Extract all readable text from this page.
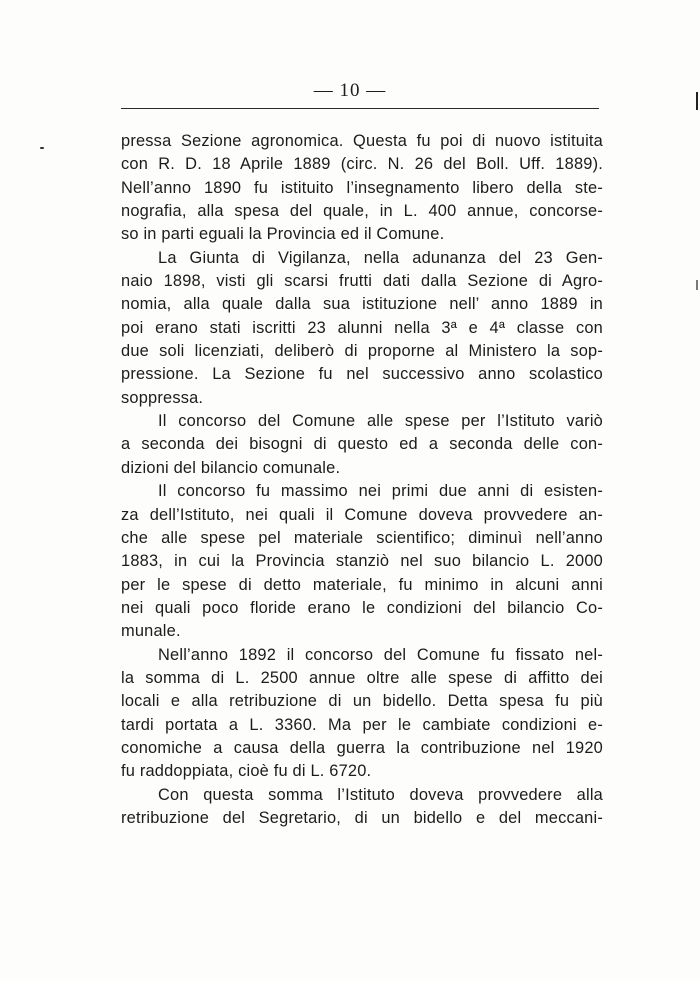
— 10 —
pressa Sezione agronomica. Questa fu poi di nuovo istituita
con R. D. 18 Aprile 1889 (circ. N. 26 del Boll. Uff. 1889).
Nell’anno 1890 fu istituito l’insegnamento libero della ste-
nografia, alla spesa del quale, in L. 400 annue, concorse-
so in parti eguali la Provincia ed il Comune.
La Giunta di Vigilanza, nella adunanza del 23 Gen-
naio 1898, visti gli scarsi frutti dati dalla Sezione di Agro-
nomia, alla quale dalla sua istituzione nell’ anno 1889 in
poi erano stati iscritti 23 alunni nella 3ª e 4ª classe con
due soli licenziati, deliberò di proporne al Ministero la sop-
pressione. La Sezione fu nel successivo anno scolastico
soppressa.
Il concorso del Comune alle spese per l’Istituto variò
a seconda dei bisogni di questo ed a seconda delle con-
dizioni del bilancio comunale.
Il concorso fu massimo nei primi due anni di esisten-
za dell’Istituto, nei quali il Comune doveva provvedere an-
che alle spese pel materiale scientifico; diminuì nell’anno
1883, in cui la Provincia stanziò nel suo bilancio L. 2000
per le spese di detto materiale, fu minimo in alcuni anni
nei quali poco floride erano le condizioni del bilancio Co-
munale.
Nell’anno 1892 il concorso del Comune fu fissato nel-
la somma di L. 2500 annue oltre alle spese di affitto dei
locali e alla retribuzione di un bidello. Detta spesa fu più
tardi portata a L. 3360. Ma per le cambiate condizioni e-
conomiche a causa della guerra la contribuzione nel 1920
fu raddoppiata, cioè fu di L. 6720.
Con questa somma l’Istituto doveva provvedere alla
retribuzione del Segretario, di un bidello e del meccani-
